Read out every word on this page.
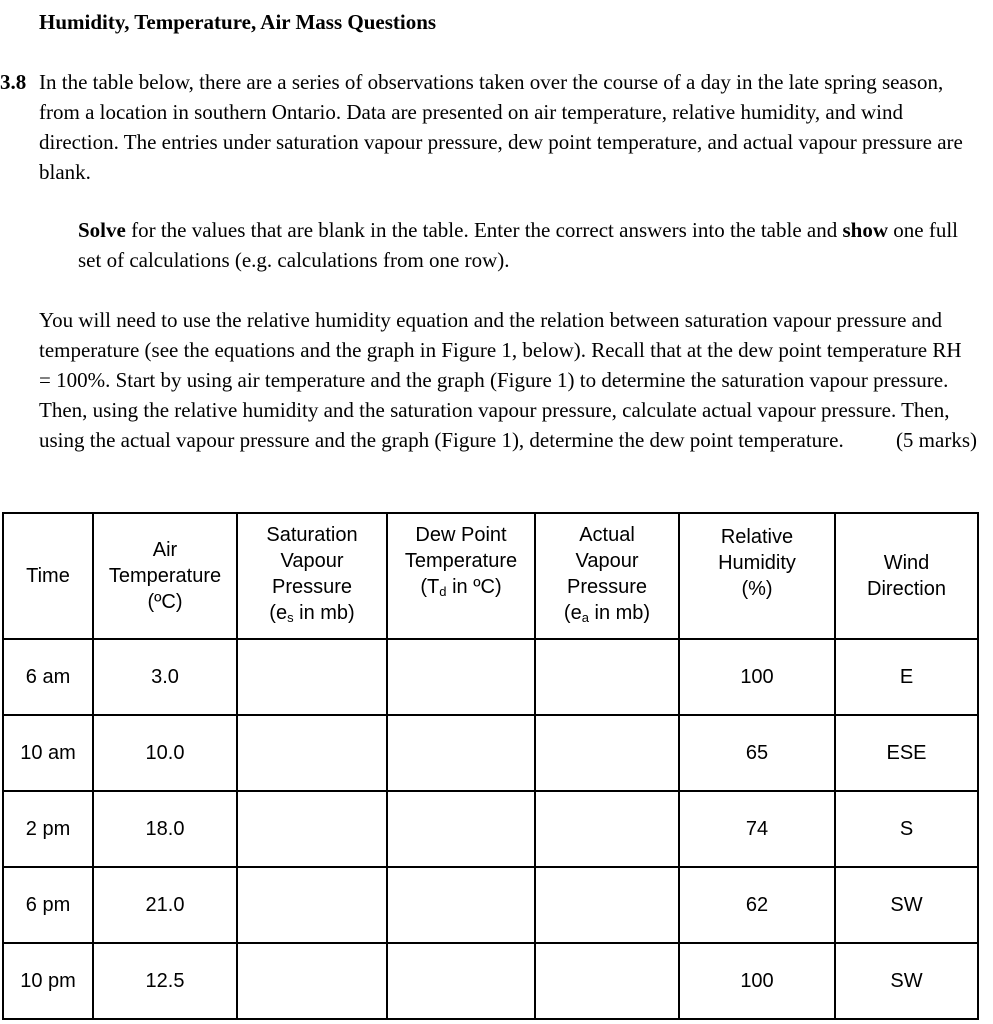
Humidity, Temperature, Air Mass Questions
3.8 In the table below, there are a series of observations taken over the course of a day in the late spring season, from a location in southern Ontario. Data are presented on air temperature, relative humidity, and wind direction. The entries under saturation vapour pressure, dew point temperature, and actual vapour pressure are blank.
Solve for the values that are blank in the table. Enter the correct answers into the table and show one full set of calculations (e.g. calculations from one row).
You will need to use the relative humidity equation and the relation between saturation vapour pressure and temperature (see the equations and the graph in Figure 1, below). Recall that at the dew point temperature RH = 100%. Start by using air temperature and the graph (Figure 1) to determine the saturation vapour pressure. Then, using the relative humidity and the saturation vapour pressure, calculate actual vapour pressure. Then, using the actual vapour pressure and the graph (Figure 1), determine the dew point temperature. (5 marks)
Time	Air
Temperature
(ºC)	Saturation
Vapour
Pressure
($e_s$ in mb)	Dew Point
Temperature
($T_d$ in ºC)	Actual
Vapour
Pressure
($e_a$ in mb)	Relative
Humidity
(%)	Wind
Direction

6 am	3.0				100	E
10 am	10.0				65	ESE
2 pm	18.0				74	S
6 pm	21.0				62	SW
10 pm	12.5				100	SW
